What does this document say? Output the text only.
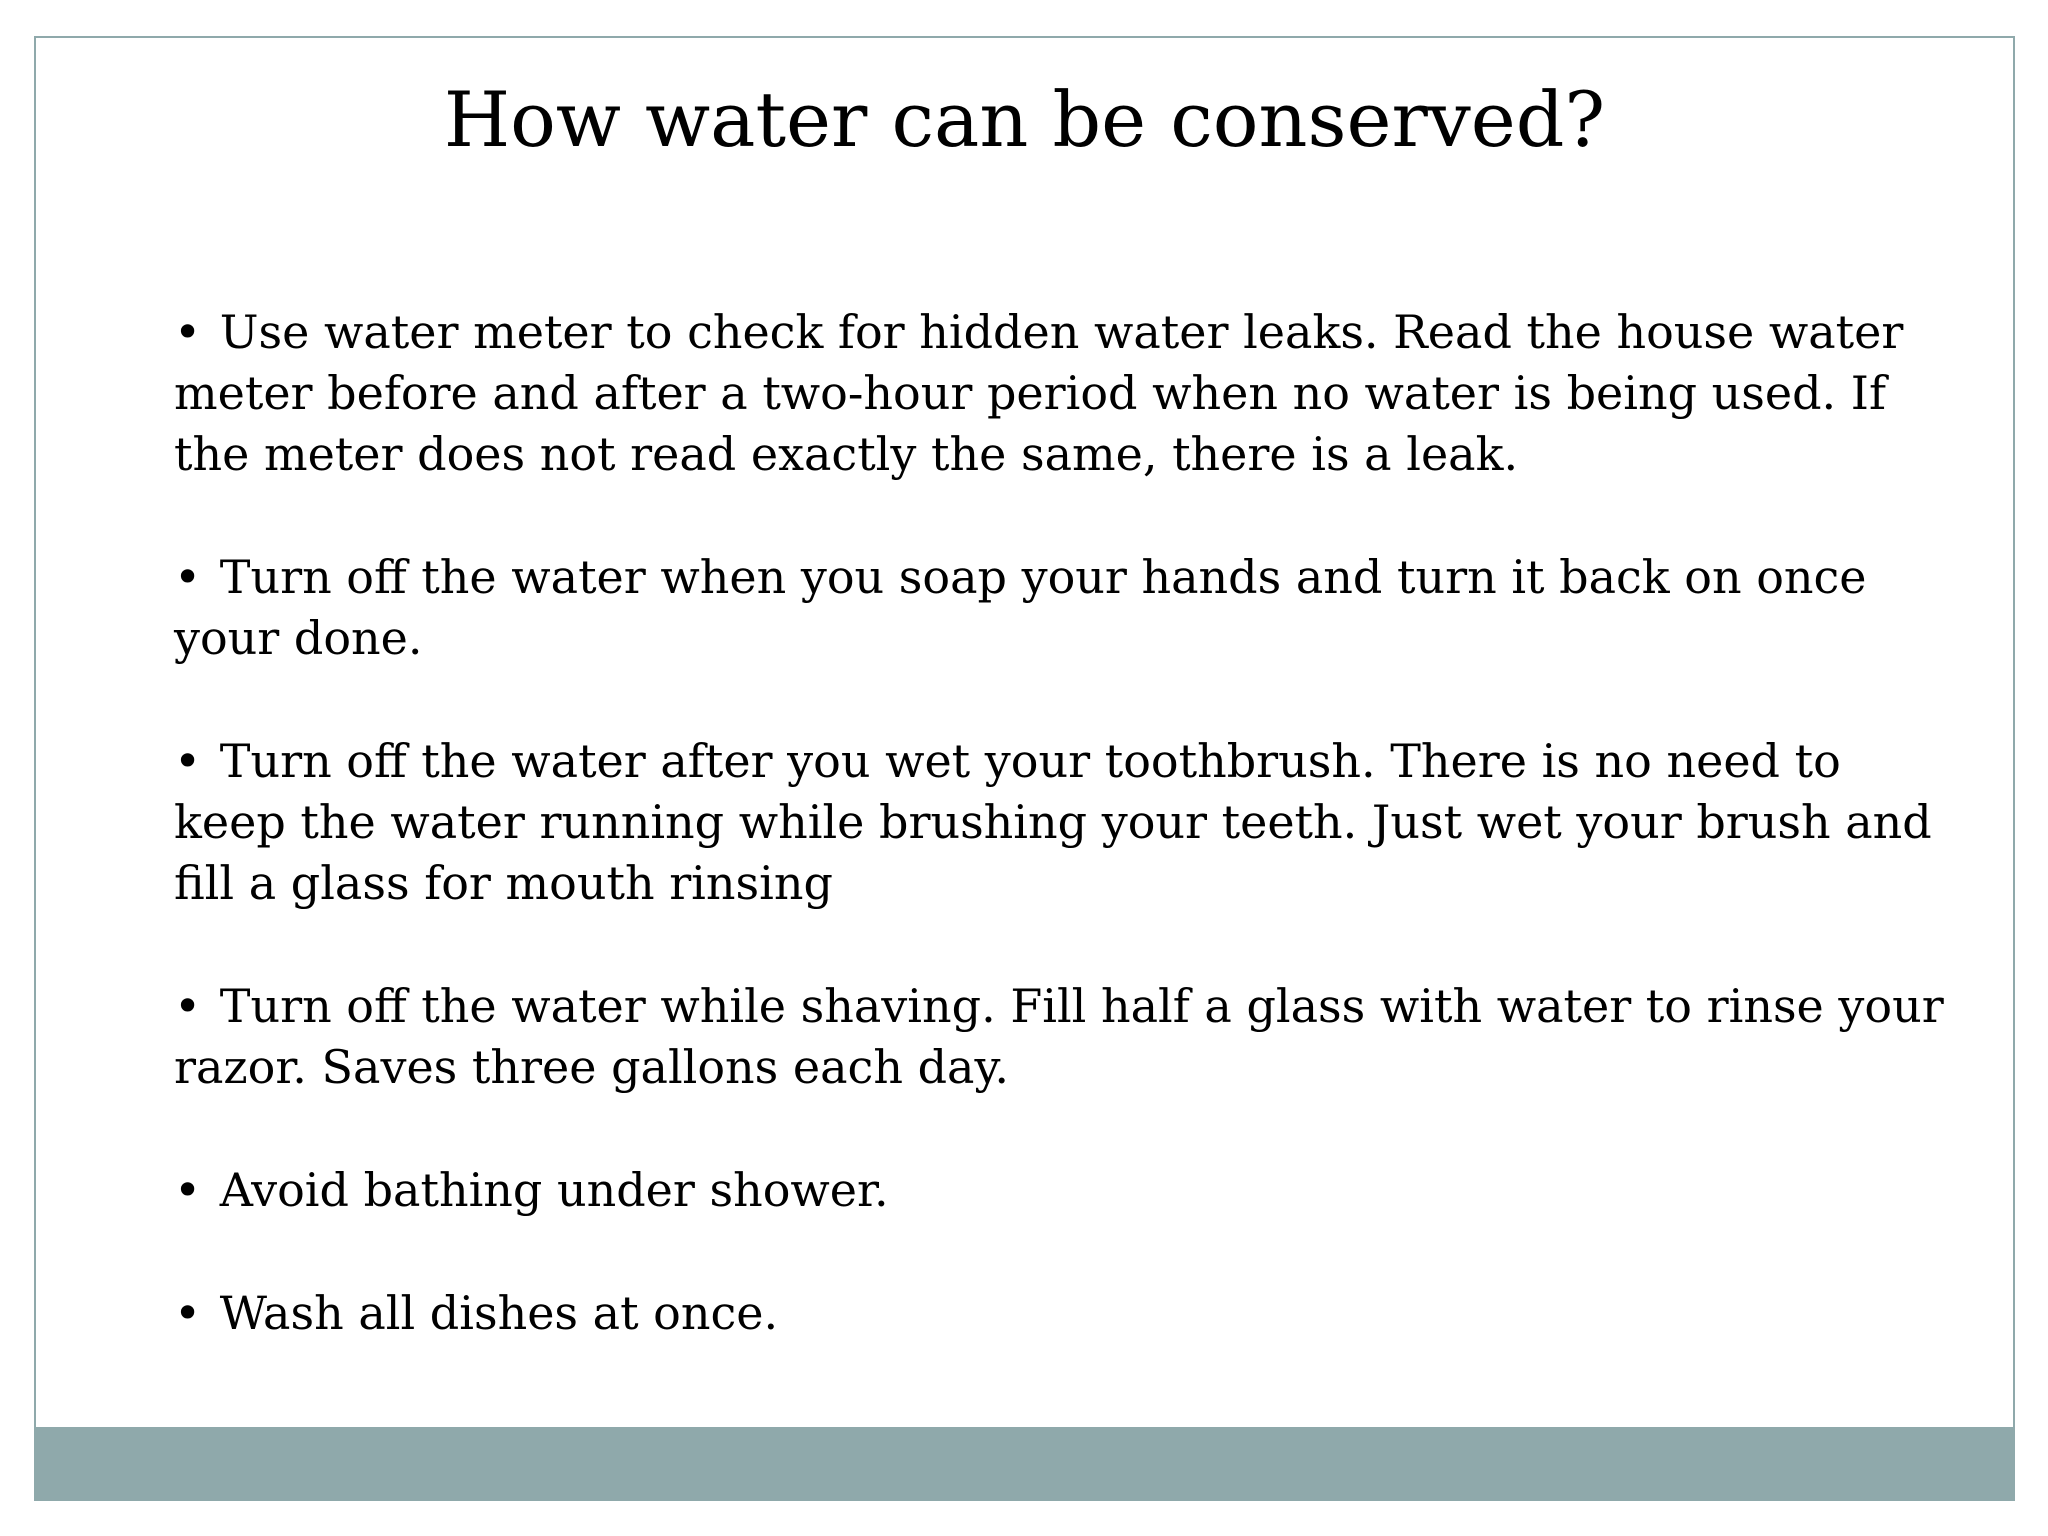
How water can be conserved?
• Use water meter to check for hidden water leaks. Read the house water meter before and after a two-hour period when no water is being used. If the meter does not read exactly the same, there is a leak.
• Turn off the water when you soap your hands and turn it back on once your done.
• Turn off the water after you wet your toothbrush. There is no need to keep the water running while brushing your teeth. Just wet your brush and fill a glass for mouth rinsing
• Turn off the water while shaving. Fill half a glass with water to rinse your razor. Saves three gallons each day.
• Avoid bathing under shower.
• Wash all dishes at once.
